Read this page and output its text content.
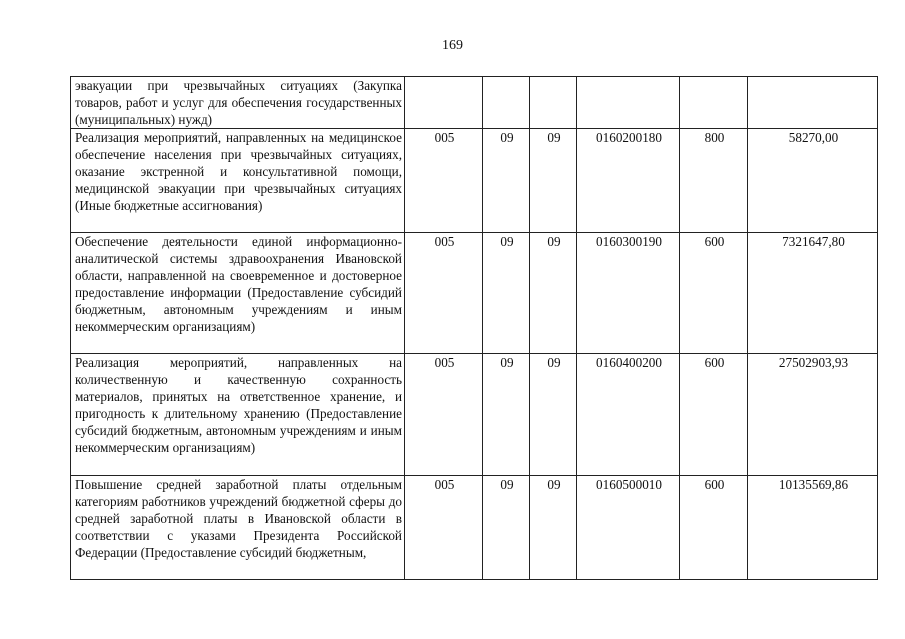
169
эвакуации при чрезвычайных ситуациях (Закупка товаров, работ и услуг для обеспечения государственных (муниципальных) нужд)						
Реализация мероприятий, направленных на медицинское обеспечение населения при чрезвычайных ситуациях, оказание экстренной и консультативной помощи, медицинской эвакуации при чрезвычайных ситуациях (Иные бюджетные ассигнования)	005	09	09	0160200180	800	58270,00
Обеспечение деятельности единой информационно-аналитической системы здравоохранения Ивановской области, направленной на своевременное и достоверное предоставление информации (Предоставление субсидий бюджетным, автономным учреждениям и иным некоммерческим организациям)	005	09	09	0160300190	600	7321647,80
Реализация мероприятий, направленных на количественную и качественную сохранность материалов, принятых на ответственное хранение, и пригодность к длительному хранению (Предоставление субсидий бюджетным, автономным учреждениям и иным некоммерческим организациям)	005	09	09	0160400200	600	27502903,93
Повышение средней заработной платы отдельным категориям работников учреждений бюджетной сферы до средней заработной платы в Ивановской области в соответствии с указами Президента Российской Федерации (Предоставление субсидий бюджетным,	005	09	09	0160500010	600	10135569,86
